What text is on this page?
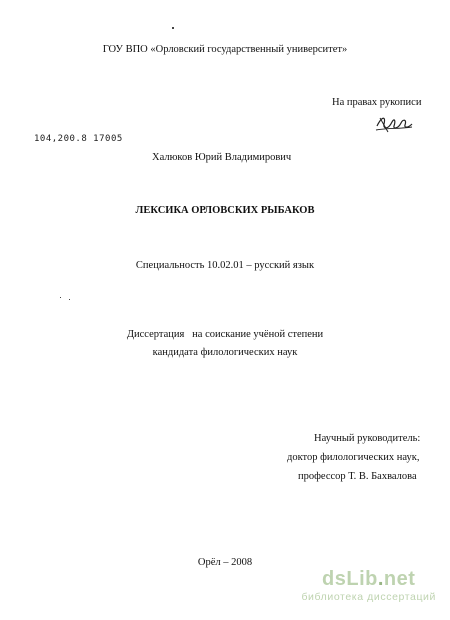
ГОУ ВПО «Орловский государственный университет»
На правах рукописи
104,200.8 17005
Халюков Юрий Владимирович
ЛЕКСИКА ОРЛОВСКИХ РЫБАКОВ
Специальность 10.02.01 – русский язык
Диссертация   на соискание учёной степени
кандидата филологических наук
Научный руководитель:
доктор филологических наук,
профессор Т. В. Бахвалова
Орёл – 2008
dsLib.net
библиотека диссертаций
